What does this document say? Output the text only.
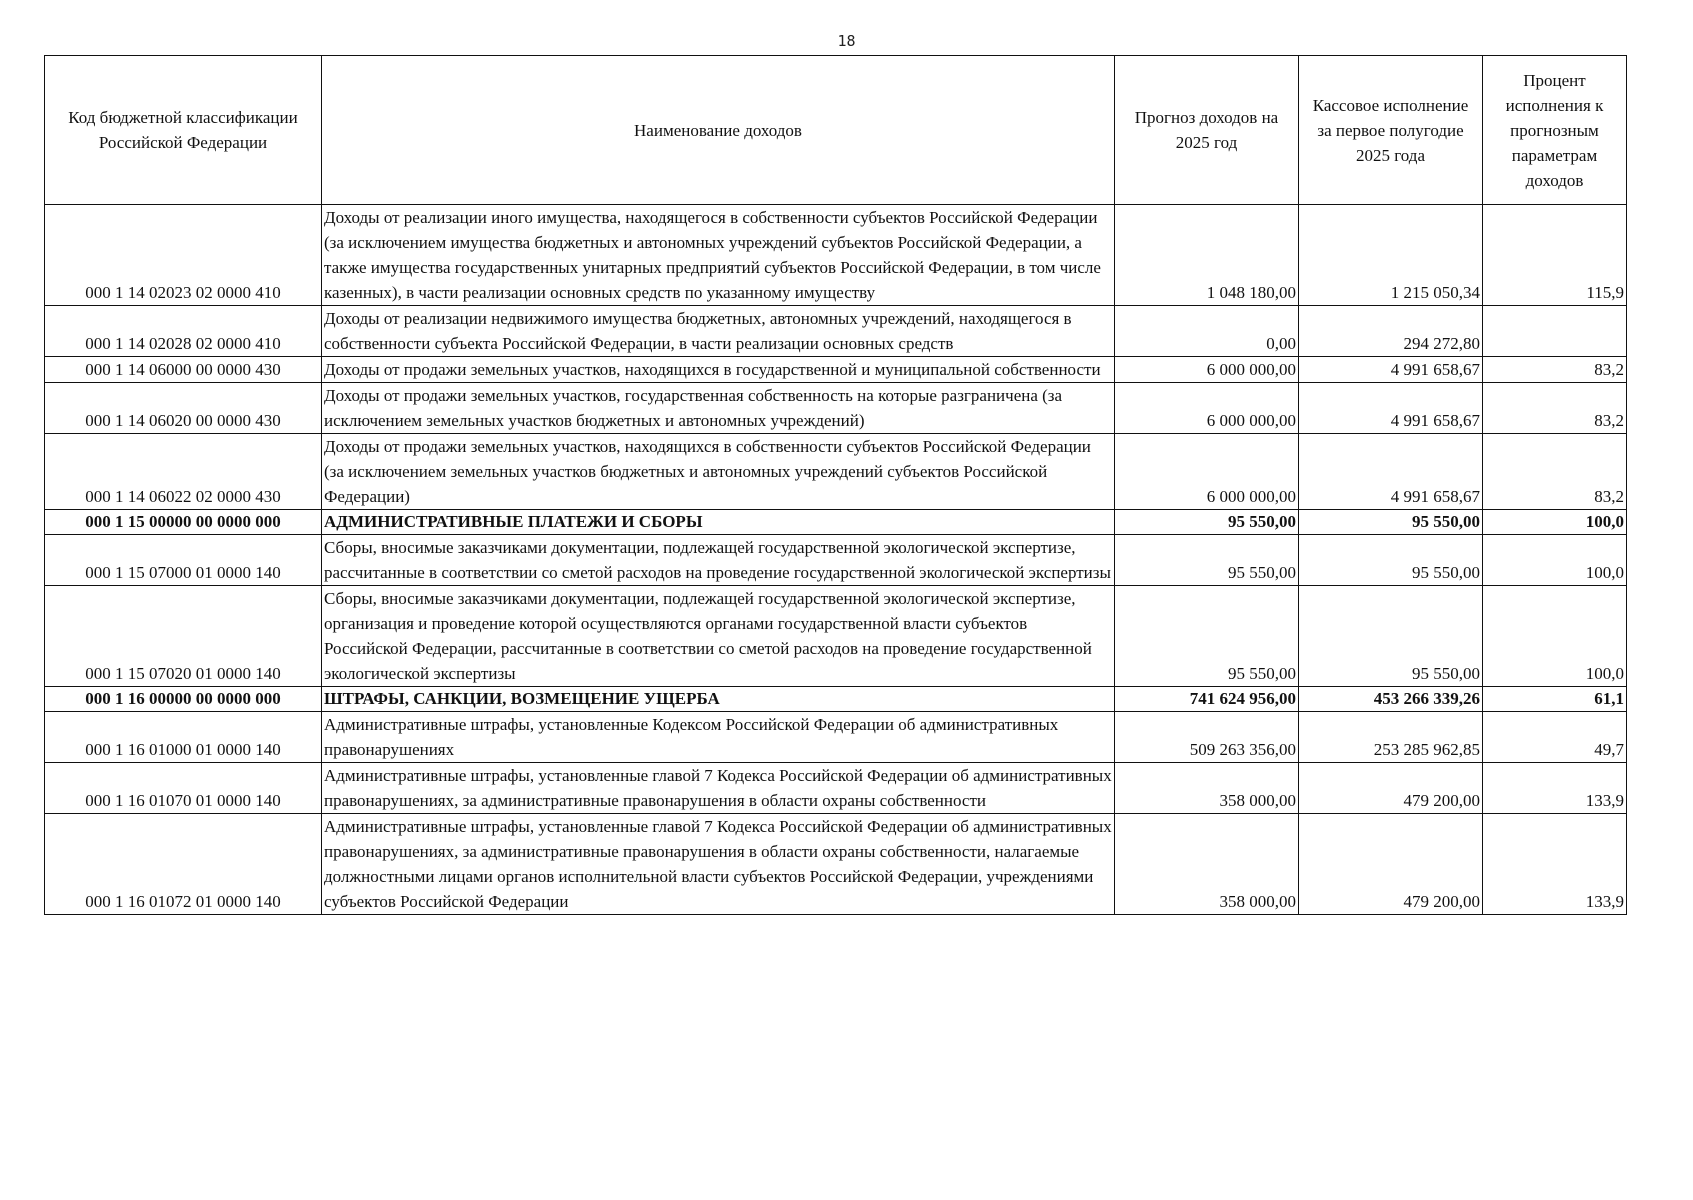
18
Код бюджетной классификации Российской Федерации	Наименование доходов	Прогноз доходов на 2025 год	Кассовое исполнение за первое полугодие 2025 года	Процент исполнения к прогнозным параметрам доходов
000 1 14 02023 02 0000 410	Доходы от реализации иного имущества, находящегося в собственности субъектов Российской Федерации (за исключением имущества бюджетных и автономных учреждений субъектов Российской Федерации, а также имущества государственных унитарных предприятий субъектов Российской Федерации, в том числе казенных), в части реализации основных средств по указанному имуществу	1 048 180,00	1 215 050,34	115,9
000 1 14 02028 02 0000 410	Доходы от реализации недвижимого имущества бюджетных, автономных учреждений, находящегося в собственности субъекта Российской Федерации, в части реализации основных средств	0,00	294 272,80	
000 1 14 06000 00 0000 430	Доходы от продажи земельных участков, находящихся в государственной и муниципальной собственности	6 000 000,00	4 991 658,67	83,2
000 1 14 06020 00 0000 430	Доходы от продажи земельных участков, государственная собственность на которые разграничена (за исключением земельных участков бюджетных и автономных учреждений)	6 000 000,00	4 991 658,67	83,2
000 1 14 06022 02 0000 430	Доходы от продажи земельных участков, находящихся в собственности субъектов Российской Федерации (за исключением земельных участков бюджетных и автономных учреждений субъектов Российской Федерации)	6 000 000,00	4 991 658,67	83,2
000 1 15 00000 00 0000 000	АДМИНИСТРАТИВНЫЕ ПЛАТЕЖИ И СБОРЫ	95 550,00	95 550,00	100,0
000 1 15 07000 01 0000 140	Сборы, вносимые заказчиками документации, подлежащей государственной экологической экспертизе, рассчитанные в соответствии со сметой расходов на проведение государственной экологической экспертизы	95 550,00	95 550,00	100,0
000 1 15 07020 01 0000 140	Сборы, вносимые заказчиками документации, подлежащей государственной экологической экспертизе, организация и проведение которой осуществляются органами государственной власти субъектов Российской Федерации, рассчитанные в соответствии со сметой расходов на проведение государственной экологической экспертизы	95 550,00	95 550,00	100,0
000 1 16 00000 00 0000 000	ШТРАФЫ, САНКЦИИ, ВОЗМЕЩЕНИЕ УЩЕРБА	741 624 956,00	453 266 339,26	61,1
000 1 16 01000 01 0000 140	Административные штрафы, установленные Кодексом Российской Федерации об административных правонарушениях	509 263 356,00	253 285 962,85	49,7
000 1 16 01070 01 0000 140	Административные штрафы, установленные главой 7 Кодекса Российской Федерации об административных правонарушениях, за административные правонарушения в области охраны собственности	358 000,00	479 200,00	133,9
000 1 16 01072 01 0000 140	Административные штрафы, установленные главой 7 Кодекса Российской Федерации об административных правонарушениях, за административные правонарушения в области охраны собственности, налагаемые должностными лицами органов исполнительной власти субъектов Российской Федерации, учреждениями субъектов Российской Федерации	358 000,00	479 200,00	133,9
